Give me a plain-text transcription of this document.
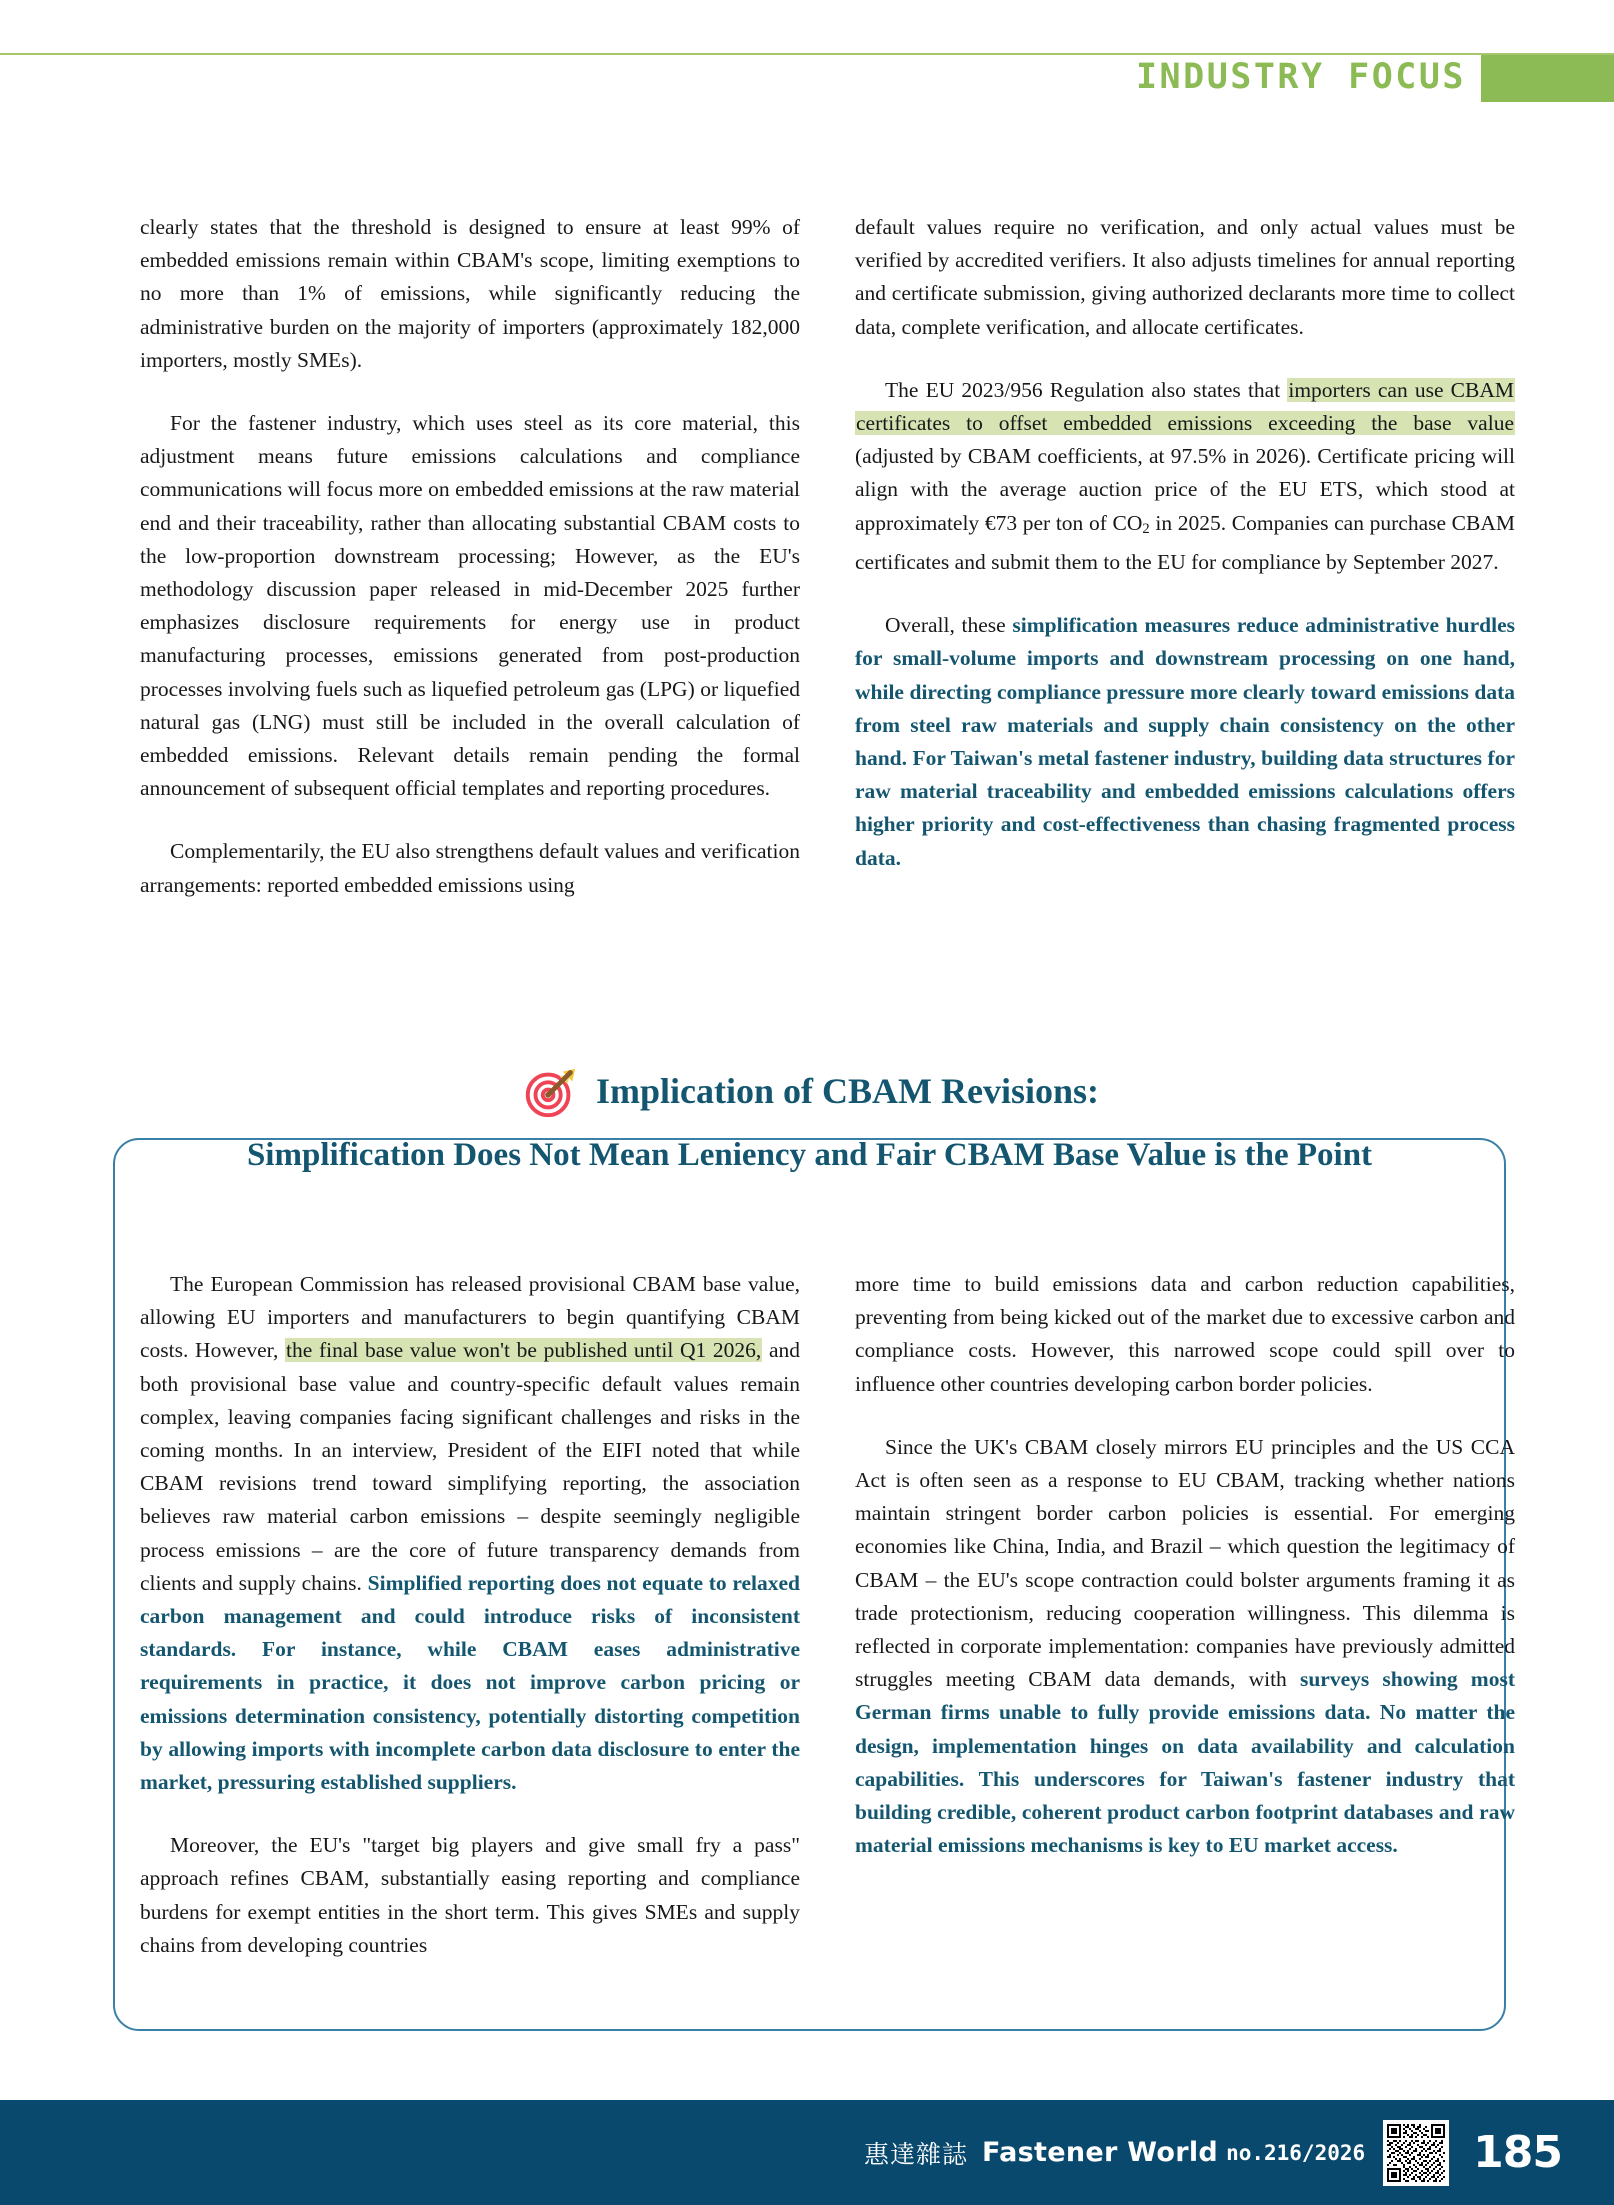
INDUSTRY FOCUS

clearly states that the threshold is designed to ensure at least 99% of embedded emissions remain within CBAM's scope, limiting exemptions to no more than 1% of emissions, while significantly reducing the administrative burden on the majority of importers (approximately 182,000 importers, mostly SMEs).

For the fastener industry, which uses steel as its core material, this adjustment means future emissions calculations and compliance communications will focus more on embedded emissions at the raw material end and their traceability, rather than allocating substantial CBAM costs to the low-proportion downstream processing; However, as the EU's methodology discussion paper released in mid-December 2025 further emphasizes disclosure requirements for energy use in product manufacturing processes, emissions generated from post-production processes involving fuels such as liquefied petroleum gas (LPG) or liquefied natural gas (LNG) must still be included in the overall calculation of embedded emissions. Relevant details remain pending the formal announcement of subsequent official templates and reporting procedures.

Complementarily, the EU also strengthens default values and verification arrangements: reported embedded emissions using

default values require no verification, and only actual values must be verified by accredited verifiers. It also adjusts timelines for annual reporting and certificate submission, giving authorized declarants more time to collect data, complete verification, and allocate certificates.

The EU 2023/956 Regulation also states that importers can use CBAM certificates to offset embedded emissions exceeding the base value (adjusted by CBAM coefficients, at 97.5% in 2026). Certificate pricing will align with the average auction price of the EU ETS, which stood at approximately €73 per ton of $CO_2$ in 2025. Companies can purchase CBAM certificates and submit them to the EU for compliance by September 2027.

Overall, these simplification measures reduce administrative hurdles for small-volume imports and downstream processing on one hand, while directing compliance pressure more clearly toward emissions data from steel raw materials and supply chain consistency on the other hand. For Taiwan's metal fastener industry, building data structures for raw material traceability and embedded emissions calculations offers higher priority and cost-effectiveness than chasing fragmented process data.

Implication of CBAM Revisions:
Simplification Does Not Mean Leniency and Fair CBAM Base Value is the Point

The European Commission has released provisional CBAM base value, allowing EU importers and manufacturers to begin quantifying CBAM costs. However, the final base value won't be published until Q1 2026, and both provisional base value and country-specific default values remain complex, leaving companies facing significant challenges and risks in the coming months. In an interview, President of the EIFI noted that while CBAM revisions trend toward simplifying reporting, the association believes raw material carbon emissions – despite seemingly negligible process emissions – are the core of future transparency demands from clients and supply chains. Simplified reporting does not equate to relaxed carbon management and could introduce risks of inconsistent standards. For instance, while CBAM eases administrative requirements in practice, it does not improve carbon pricing or emissions determination consistency, potentially distorting competition by allowing imports with incomplete carbon data disclosure to enter the market, pressuring established suppliers.

Moreover, the EU's "target big players and give small fry a pass" approach refines CBAM, substantially easing reporting and compliance burdens for exempt entities in the short term. This gives SMEs and supply chains from developing countries

more time to build emissions data and carbon reduction capabilities, preventing from being kicked out of the market due to excessive carbon and compliance costs. However, this narrowed scope could spill over to influence other countries developing carbon border policies.

Since the UK's CBAM closely mirrors EU principles and the US CCA Act is often seen as a response to EU CBAM, tracking whether nations maintain stringent border carbon policies is essential. For emerging economies like China, India, and Brazil – which question the legitimacy of CBAM – the EU's scope contraction could bolster arguments framing it as trade protectionism, reducing cooperation willingness. This dilemma is reflected in corporate implementation: companies have previously admitted struggles meeting CBAM data demands, with surveys showing most German firms unable to fully provide emissions data. No matter the design, implementation hinges on data availability and calculation capabilities. This underscores for Taiwan's fastener industry that building credible, coherent product carbon footprint databases and raw material emissions mechanisms is key to EU market access.

惠達雜誌 Fastener World no.216/2026 185
